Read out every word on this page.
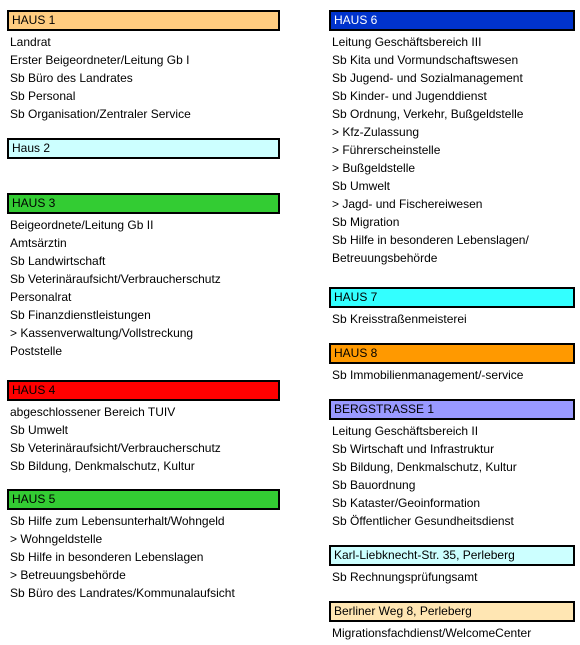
HAUS 1
Landrat
Erster Beigeordneter/Leitung Gb I
Sb Büro des Landrates
Sb Personal
Sb Organisation/Zentraler Service
Haus 2
HAUS 3
Beigeordnete/Leitung Gb II
Amtsärztin
Sb Landwirtschaft
Sb Veterinäraufsicht/Verbraucherschutz
Personalrat
Sb Finanzdienstleistungen
> Kassenverwaltung/Vollstreckung
Poststelle
HAUS 4
abgeschlossener Bereich TUIV
Sb Umwelt
Sb Veterinäraufsicht/Verbraucherschutz
Sb Bildung, Denkmalschutz, Kultur
HAUS 5
Sb Hilfe zum Lebensunterhalt/Wohngeld
> Wohngeldstelle
Sb Hilfe in besonderen Lebenslagen
> Betreuungsbehörde
Sb Büro des Landrates/Kommunalaufsicht
HAUS 6
Leitung Geschäftsbereich III
Sb Kita und Vormundschaftswesen
Sb Jugend- und Sozialmanagement
Sb Kinder- und Jugenddienst
Sb Ordnung, Verkehr, Bußgeldstelle
> Kfz-Zulassung
> Führerscheinstelle
> Bußgeldstelle
Sb Umwelt
> Jagd- und Fischereiwesen
Sb Migration
Sb Hilfe in besonderen Lebenslagen/
Betreuungsbehörde
HAUS 7
Sb Kreisstraßenmeisterei
HAUS 8
Sb Immobilienmanagement/-service
BERGSTRASSE 1
Leitung Geschäftsbereich II
Sb Wirtschaft und Infrastruktur
Sb Bildung, Denkmalschutz, Kultur
Sb Bauordnung
Sb Kataster/Geoinformation
Sb Öffentlicher Gesundheitsdienst
Karl-Liebknecht-Str. 35, Perleberg
Sb Rechnungsprüfungsamt
Berliner Weg 8, Perleberg
Migrationsfachdienst/WelcomeCenter
